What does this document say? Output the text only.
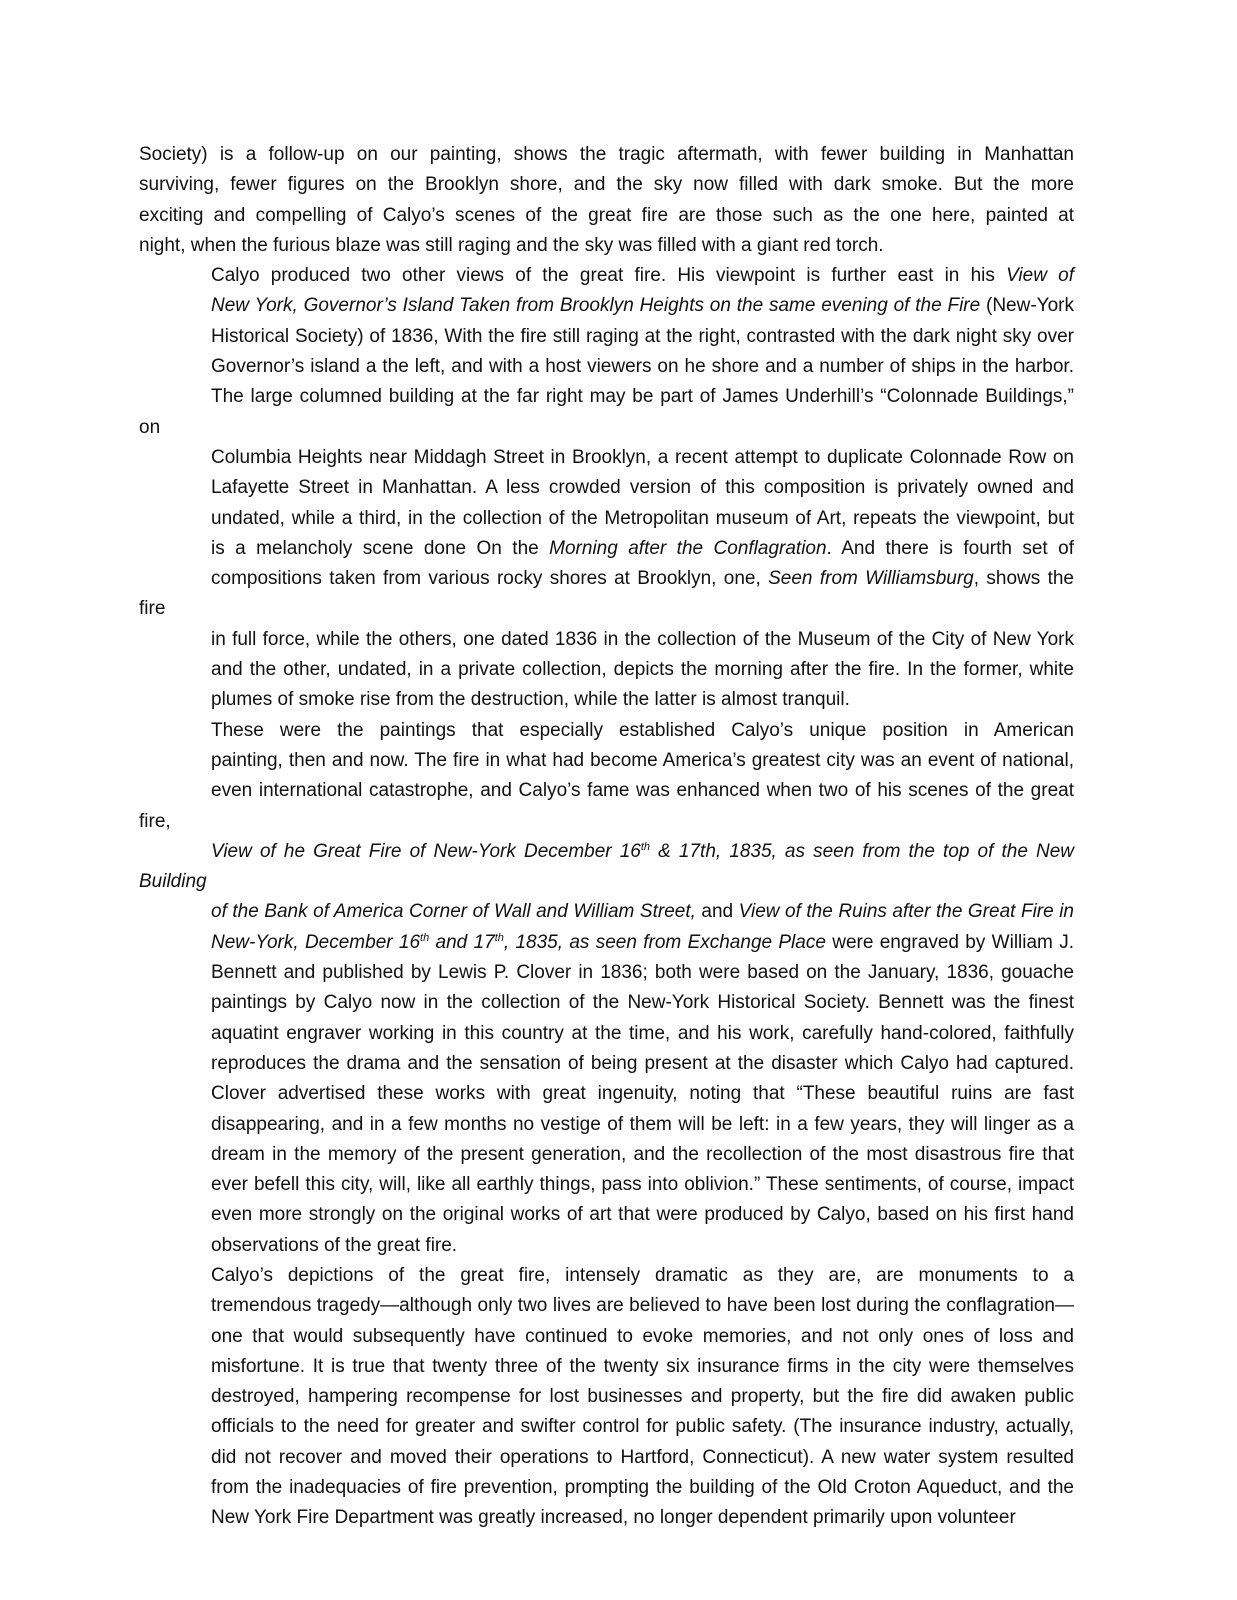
Society) is a follow-up on our painting, shows the tragic aftermath, with fewer building in Manhattan
surviving, fewer figures on the Brooklyn shore, and the sky now filled with dark smoke. But the more
exciting and compelling of Calyo’s scenes of the great fire are those such as the one here, painted at
night, when the furious blaze was still raging and the sky was filled with a giant red torch.
Calyo produced two other views of the great fire. His viewpoint is further east in his View of
New York, Governor’s Island Taken from Brooklyn Heights on the same evening of the Fire (New-York
Historical Society) of 1836, With the fire still raging at the right, contrasted with the dark night sky over
Governor’s island a the left, and with a host viewers on he shore and a number of ships in the harbor.
The large columned building at the far right may be part of James Underhill’s “Colonnade Buildings,” on
Columbia Heights near Middagh Street in Brooklyn, a recent attempt to duplicate Colonnade Row on
Lafayette Street in Manhattan. A less crowded version of this composition is privately owned and
undated, while a third, in the collection of the Metropolitan museum of Art, repeats the viewpoint, but
is a melancholy scene done On the Morning after the Conflagration. And there is fourth set of
compositions taken from various rocky shores at Brooklyn, one, Seen from Williamsburg, shows the fire
in full force, while the others, one dated 1836 in the collection of the Museum of the City of New York
and the other, undated, in a private collection, depicts the morning after the fire. In the former, white
plumes of smoke rise from the destruction, while the latter is almost tranquil.
These were the paintings that especially established Calyo’s unique position in American
painting, then and now. The fire in what had become America’s greatest city was an event of national,
even international catastrophe, and Calyo’s fame was enhanced when two of his scenes of the great fire,
View of he Great Fire of New-York December 16th & 17th, 1835, as seen from the top of the New Building
of the Bank of America Corner of Wall and William Street, and View of the Ruins after the Great Fire in
New-York, December 16th and 17th, 1835, as seen from Exchange Place were engraved by William J.
Bennett and published by Lewis P. Clover in 1836; both were based on the January, 1836, gouache
paintings by Calyo now in the collection of the New-York Historical Society. Bennett was the finest
aquatint engraver working in this country at the time, and his work, carefully hand-colored, faithfully
reproduces the drama and the sensation of being present at the disaster which Calyo had captured.
Clover advertised these works with great ingenuity, noting that “These beautiful ruins are fast
disappearing, and in a few months no vestige of them will be left: in a few years, they will linger as a
dream in the memory of the present generation, and the recollection of the most disastrous fire that
ever befell this city, will, like all earthly things, pass into oblivion.” These sentiments, of course, impact
even more strongly on the original works of art that were produced by Calyo, based on his first hand
observations of the great fire.
Calyo’s depictions of the great fire, intensely dramatic as they are, are monuments to a
tremendous tragedy—although only two lives are believed to have been lost during the conflagration—
one that would subsequently have continued to evoke memories, and not only ones of loss and
misfortune. It is true that twenty three of the twenty six insurance firms in the city were themselves
destroyed, hampering recompense for lost businesses and property, but the fire did awaken public
officials to the need for greater and swifter control for public safety. (The insurance industry, actually,
did not recover and moved their operations to Hartford, Connecticut). A new water system resulted
from the inadequacies of fire prevention, prompting the building of the Old Croton Aqueduct, and the
New York Fire Department was greatly increased, no longer dependent primarily upon volunteer
